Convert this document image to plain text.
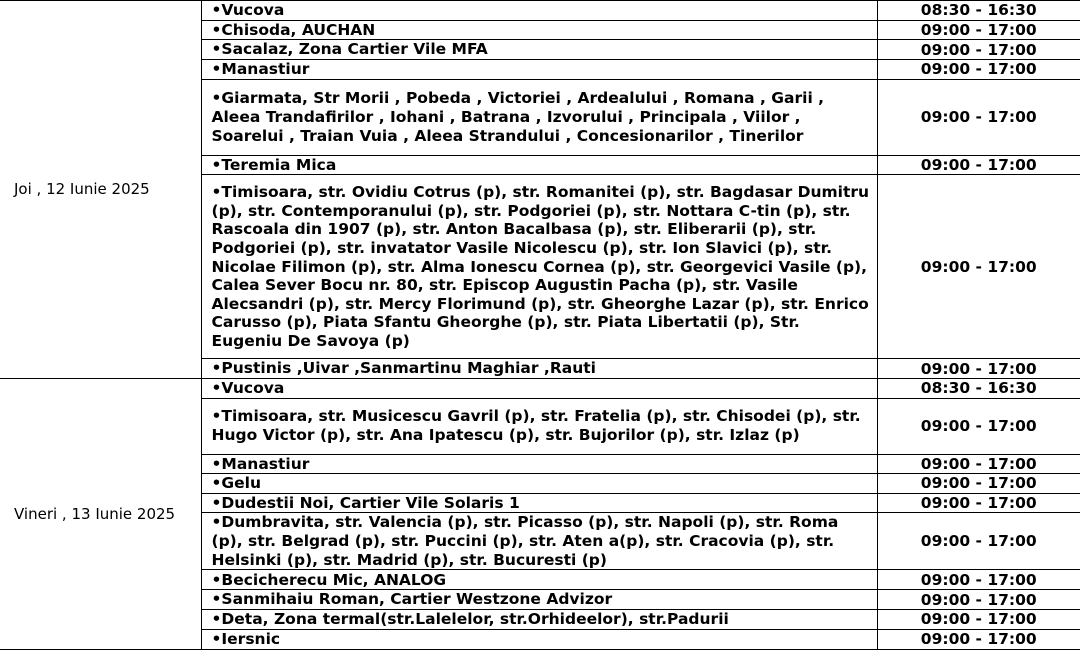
Joi , 12 Iunie 2025	•Vucova	08:30 - 16:30
	•Chisoda, AUCHAN	09:00 - 17:00
	•Sacalaz, Zona Cartier Vile MFA	09:00 - 17:00
	•Manastiur	09:00 - 17:00
	•Giarmata, Str Morii , Pobeda , Victoriei , Ardealului , Romana , Garii , Aleea Trandafirilor , Iohani , Batrana , Izvorului , Principala , Viilor , Soarelui , Traian Vuia , Aleea Strandului , Concesionarilor , Tinerilor	09:00 - 17:00
	•Teremia Mica	09:00 - 17:00
	•Timisoara, str. Ovidiu Cotrus (p), str. Romanitei (p), str. Bagdasar Dumitru (p), str. Contemporanului (p), str. Podgoriei (p), str. Nottara C-tin (p), str. Rascoala din 1907 (p), str. Anton Bacalbasa (p), str. Eliberarii (p), str. Podgoriei (p), str. invatator Vasile Nicolescu (p), str. Ion Slavici (p), str. Nicolae Filimon (p), str. Alma Ionescu Cornea (p), str. Georgevici Vasile (p), Calea Sever Bocu nr. 80, str. Episcop Augustin Pacha (p), str. Vasile Alecsandri (p), str. Mercy Florimund (p), str. Gheorghe Lazar (p), str. Enrico Carusso (p), Piata Sfantu Gheorghe (p), str. Piata Libertatii (p), Str. Eugeniu De Savoya (p)	09:00 - 17:00
	•Pustinis ,Uivar ,Sanmartinu Maghiar ,Rauti	09:00 - 17:00
Vineri , 13 Iunie 2025	•Vucova	08:30 - 16:30
	•Timisoara, str. Musicescu Gavril (p), str. Fratelia (p), str. Chisodei (p), str. Hugo Victor (p), str. Ana Ipatescu (p), str. Bujorilor (p), str. Izlaz (p)	09:00 - 17:00
	•Manastiur	09:00 - 17:00
	•Gelu	09:00 - 17:00
	•Dudestii Noi, Cartier Vile Solaris 1	09:00 - 17:00
	•Dumbravita, str. Valencia (p), str. Picasso (p), str. Napoli (p), str. Roma (p), str. Belgrad (p), str. Puccini (p), str. Aten a(p), str. Cracovia (p), str. Helsinki (p), str. Madrid (p), str. Bucuresti (p)	09:00 - 17:00
	•Becicherecu Mic, ANALOG	09:00 - 17:00
	•Sanmihaiu Roman, Cartier Westzone Advizor	09:00 - 17:00
	•Deta, Zona termal(str.Lalelelor, str.Orhideelor), str.Padurii	09:00 - 17:00
	•Iersnic	09:00 - 17:00
